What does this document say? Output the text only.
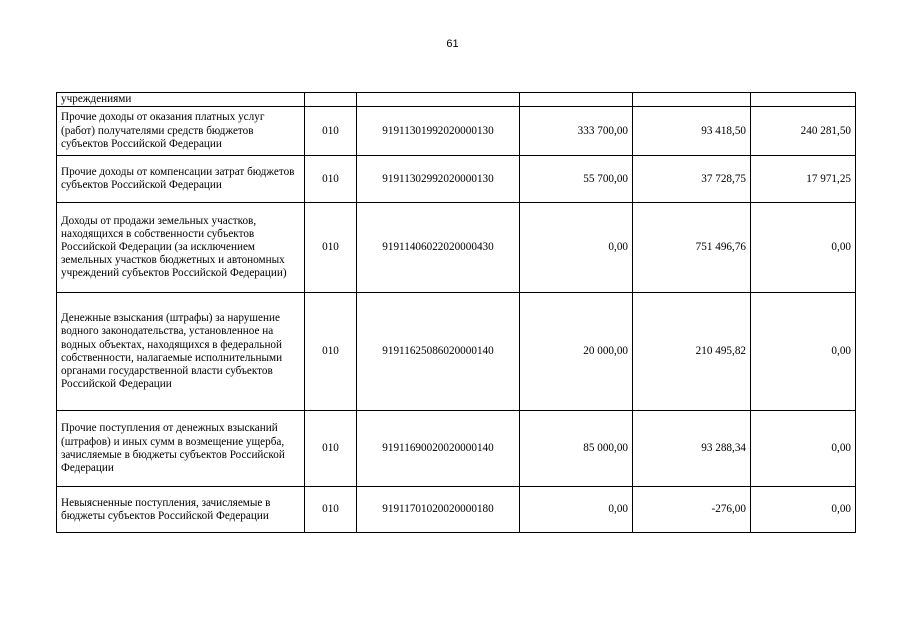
61
учреждениями					
Прочие доходы от оказания платных услуг (работ) получателями средств бюджетов субъектов Российской Федерации	010	91911301992020000130	333 700,00	93 418,50	240 281,50
Прочие доходы от компенсации затрат бюджетов субъектов Российской Федерации	010	91911302992020000130	55 700,00	37 728,75	17 971,25
Доходы от продажи земельных участков, находящихся в собственности субъектов Российской Федерации (за исключением земельных участков бюджетных и автономных учреждений субъектов Российской Федерации)	010	91911406022020000430	0,00	751 496,76	0,00
Денежные взыскания (штрафы) за нарушение водного законодательства, установленное на водных объектах, находящихся в федеральной собственности, налагаемые исполнительными органами государственной власти субъектов Российской Федерации	010	91911625086020000140	20 000,00	210 495,82	0,00
Прочие поступления от денежных взысканий (штрафов) и иных сумм в возмещение ущерба, зачисляемые в бюджеты субъектов Российской Федерации	010	91911690020020000140	85 000,00	93 288,34	0,00
Невыясненные поступления, зачисляемые в бюджеты субъектов Российской Федерации	010	91911701020020000180	0,00	-276,00	0,00
